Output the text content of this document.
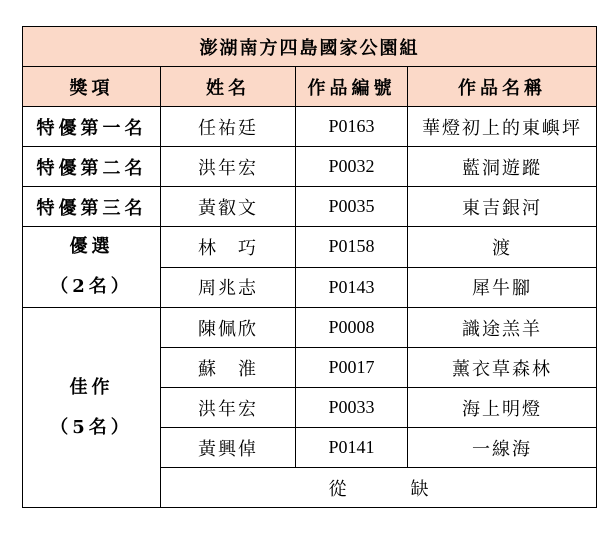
澎湖南方四島國家公園組			
獎項	姓名	作品編號	作品名稱
特優第一名	任祐廷	P0163	華燈初上的東嶼坪
特優第二名	洪年宏	P0032	藍洞遊蹤
特優第三名	黃叡文	P0035	東吉銀河

優選
（2名）	林　巧	P0158	渡
	周兆志	P0143	犀牛腳

佳作
（5名）	陳佩欣	P0008	識途羔羊
	蘇　淮	P0017	薰衣草森林
	洪年宏	P0033	海上明燈
	黃興倬	P0141	一線海
	從 缺		
